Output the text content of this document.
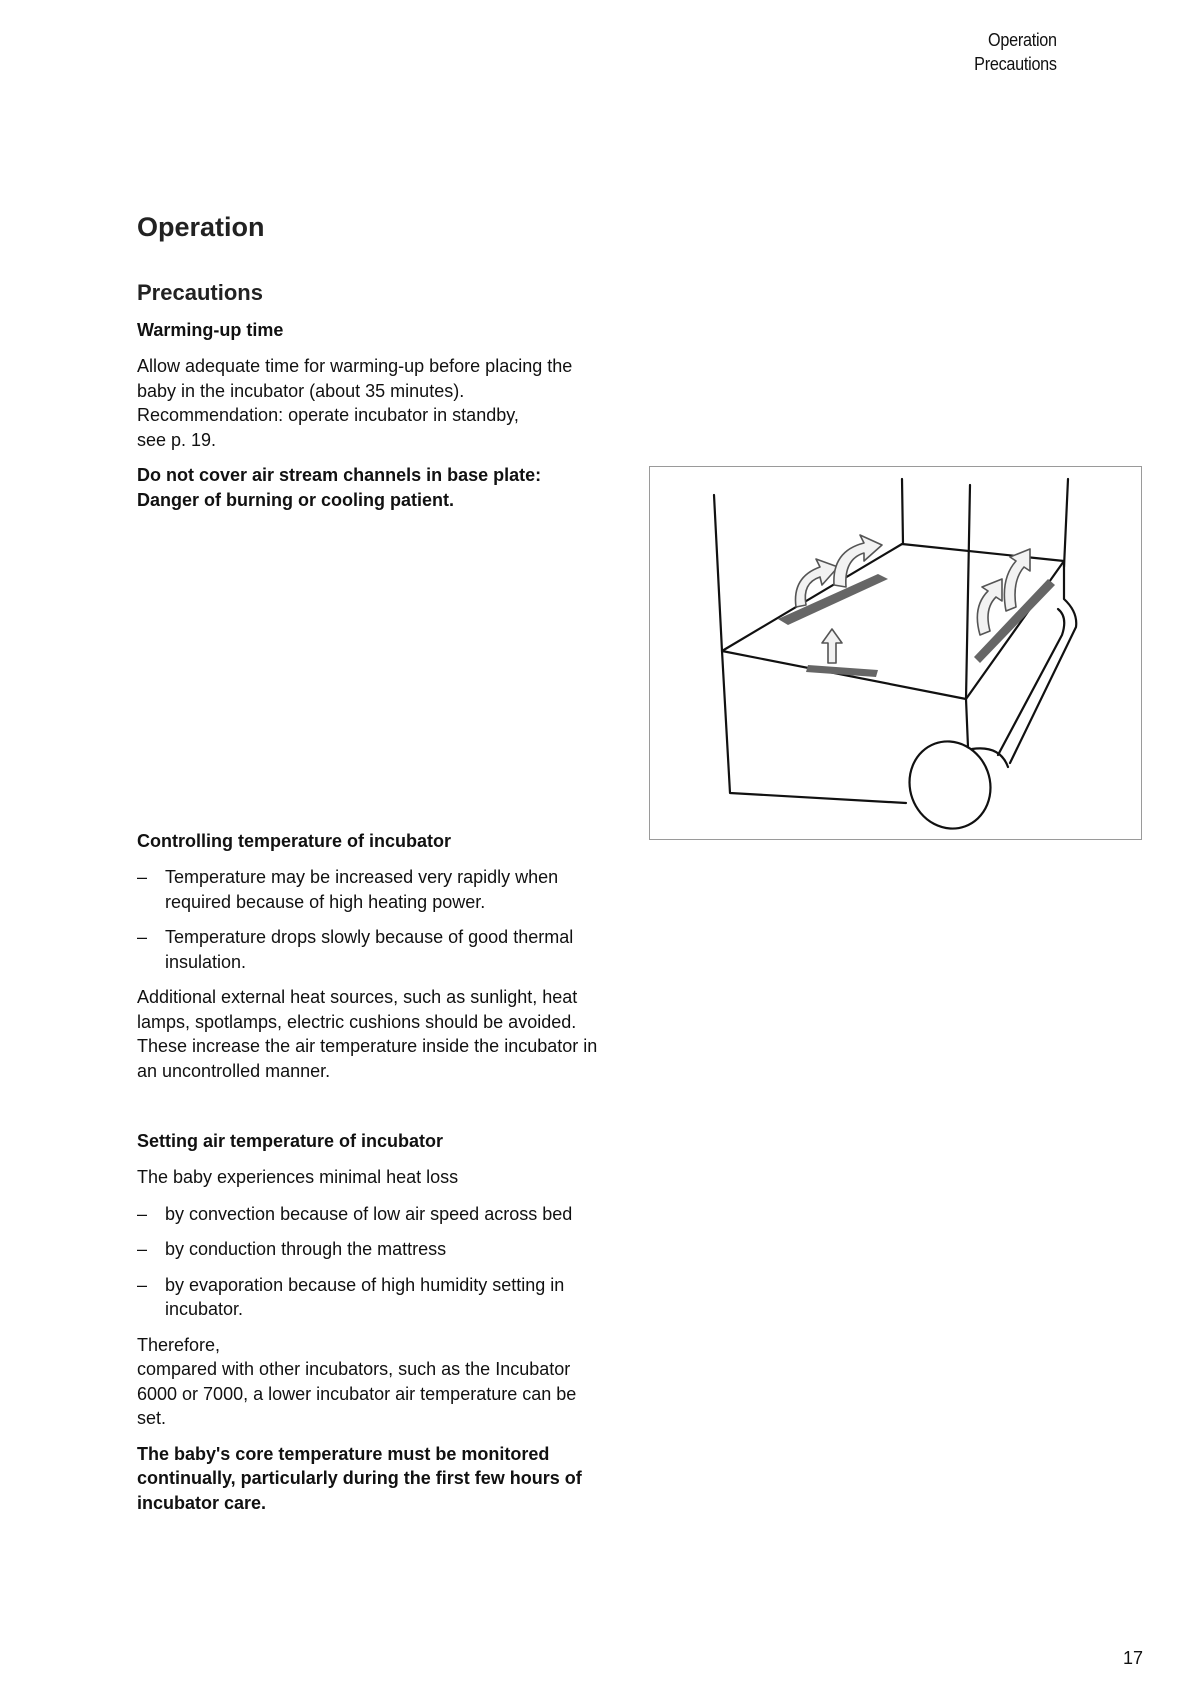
Operation
Precautions
Operation
Precautions
Warming-up time

Allow adequate time for warming-up before placing the

baby in the incubator (about 35 minutes).

Recommendation: operate incubator in standby,

see p. 19.

Do not cover air stream channels in base plate:

Danger of burning or cooling patient.

Controlling temperature of incubator
– Temperature may be increased very rapidly when
required because of high heating power.
– Temperature drops slowly because of good thermal
insulation.

Additional external heat sources, such as sunlight, heat

lamps, spotlamps, electric cushions should be avoided.

These increase the air temperature inside the incubator in

an uncontrolled manner.

Setting air temperature of incubator

The baby experiences minimal heat loss

– by convection because of low air speed across bed
– by conduction through the mattress
– by evaporation because of high humidity setting in
incubator.

Therefore,

compared with other incubators, such as the Incubator

6000 or 7000, a lower incubator air temperature can be

set.

The baby's core temperature must be monitored

continually, particularly during the first few hours of

incubator care.

17
